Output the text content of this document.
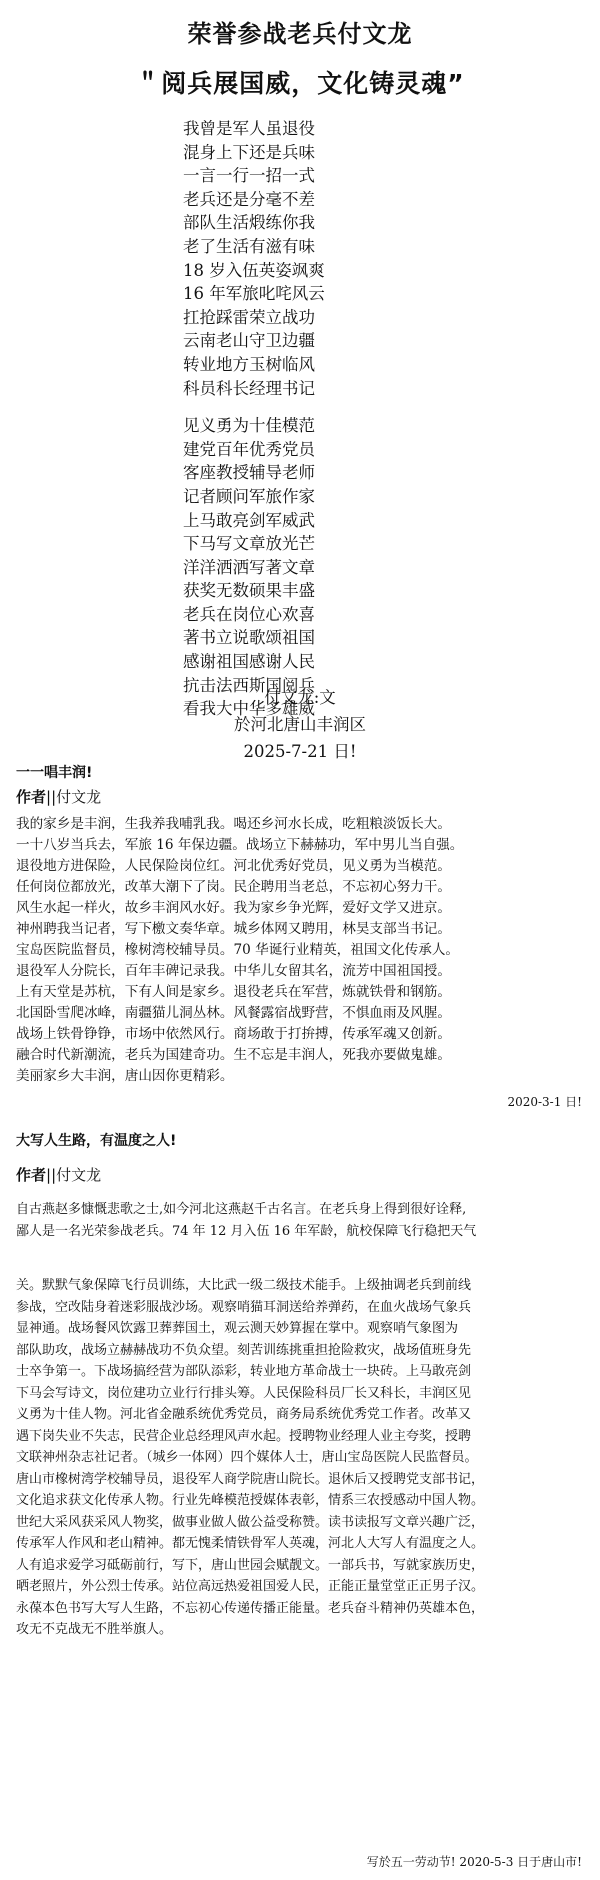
荣誉参战老兵付文龙
＂阅兵展国威，文化铸灵魂”
我曾是军人虽退役
混身上下还是兵味
一言一行一招一式
老兵还是分毫不差
部队生活煅练你我
老了生活有滋有味
18 岁入伍英姿飒爽
16 年军旅叱咤风云
扛抢踩雷荣立战功
云南老山守卫边疆
转业地方玉树临风
科员科长经理书记
见义勇为十佳模范
建党百年优秀党员
客座教授辅导老师
记者顾问军旅作家
上马敢亮剑军威武
下马写文章放光芒
洋洋洒洒写著文章
获奖无数硕果丰盛
老兵在岗位心欢喜
著书立说歌颂祖国
感谢祖国感谢人民
抗击法西斯国阅兵
看我大中华多雄威
付文龙:文
於河北唐山丰润区
2025-7-21 日!
一一唱丰润!
作者||付文龙
我的家乡是丰润，生我养我哺乳我。喝还乡河水长成，吃粗粮淡饭长大。
一十八岁当兵去，军旅 16 年保边疆。战场立下赫赫功，军中男儿当自强。
退役地方进保险，人民保险岗位红。河北优秀好党员，见义勇为当模范。
任何岗位都放光，改革大潮下了岗。民企聘用当老总，不忘初心努力干。
风生水起一样火，故乡丰润风水好。我为家乡争光辉，爱好文学又进京。
神州聘我当记者，写下檄文奏华章。城乡体网又聘用，林昊支部当书记。
宝岛医院监督员，橡树湾校辅导员。70 华诞行业精英，祖国文化传承人。
退役军人分院长，百年丰碑记录我。中华儿女留其名，流芳中国祖国授。
上有天堂是苏杭，下有人间是家乡。退役老兵在军营，炼就铁骨和钢筋。
北国卧雪爬冰峰，南疆猫儿洞丛林。风餐露宿战野营，不惧血雨及风腥。
战场上铁骨铮铮，市场中依然风行。商场敢于打拚搏，传承军魂又创新。
融合时代新潮流，老兵为国建奇功。生不忘是丰润人，死我亦要做鬼雄。
美丽家乡大丰润，唐山因你更精彩。
2020-3-1 日!
大写人生路，有温度之人!
作者||付文龙
自古燕赵多慷慨悲歌之士,如今河北这燕赵千古名言。在老兵身上得到很好诠释,
鄙人是一名光荣参战老兵。74 年 12 月入伍 16 年军龄，航校保障飞行稳把天气
关。默默气象保障飞行员训练，大比武一级二级技术能手。上级抽调老兵到前线
参战，空改陆身着迷彩服战沙场。观察哨猫耳洞送给养弹药，在血火战场气象兵
显神通。战场餐风饮露卫葬葬国土，观云测天妙算握在掌中。观察哨气象图为
部队助攻，战场立赫赫战功不负众望。刻苦训练挑重担抢险救灾，战场值班身先
士卒争第一。下战场搞经营为部队添彩，转业地方革命战士一块砖。上马敢亮剑
下马会写诗文，岗位建功立业行行排头筹。人民保险科员厂长又科长，丰润区见
义勇为十佳人物。河北省金融系统优秀党员，商务局系统优秀党工作者。改革又
遇下岗失业不失志，民营企业总经理风声水起。授聘物业经理人业主夸奖，授聘
文联神州杂志社记者。（城乡一体网）四个媒体人士，唐山宝岛医院人民监督员。
唐山市橡树湾学校辅导员，退役军人商学院唐山院长。退休后又授聘党支部书记，
文化追求获文化传承人物。行业先峰模范授媒体表彰，情系三农授感动中国人物。
世纪大采风获采风人物奖，做事业做人做公益受称赞。读书读报写文章兴趣广泛，
传承军人作风和老山精神。都无愧柔情铁骨军人英魂，河北人大写人有温度之人。
人有追求爱学习砥砺前行，写下，唐山世园会赋靓文。一部兵书，写就家族历史，
晒老照片，外公烈士传承。站位高远热爱祖国爱人民，正能正量堂堂正正男子汉。
永葆本色书写大写人生路，不忘初心传递传播正能量。老兵奋斗精神仍英雄本色，
攻无不克战无不胜举旗人。
写於五一劳动节! 2020-5-3 日于唐山市!
